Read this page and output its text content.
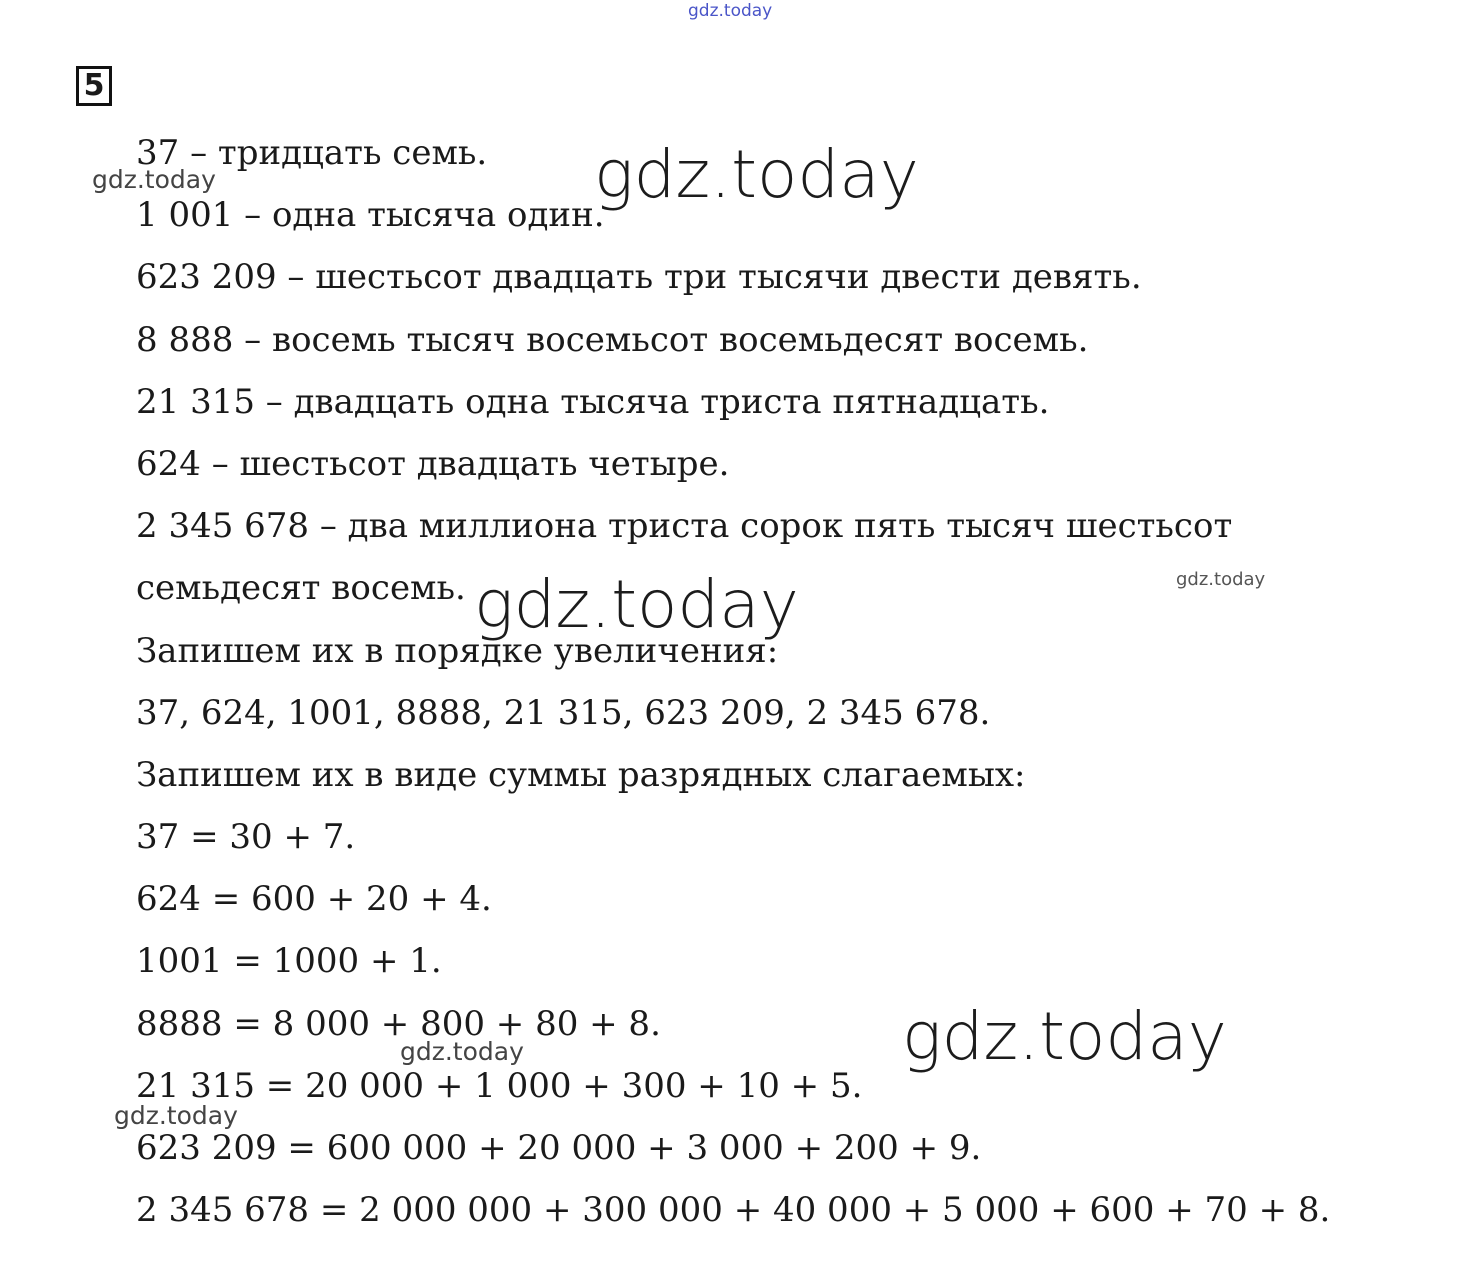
gdz.today
5
37 – тридцать семь.
1 001 – одна тысяча один.
623 209 – шестьсот двадцать три тысячи двести девять.
8 888 – восемь тысяч восемьсот восемьдесят восемь.
21 315 – двадцать одна тысяча триста пятнадцать.
624 – шестьсот двадцать четыре.
2 345 678 – два миллиона триста сорок пять тысяч шестьсот
семьдесят восемь.
Запишем их в порядке увеличения:
37, 624, 1001, 8888, 21 315, 623 209, 2 345 678.
Запишем их в виде суммы разрядных слагаемых:
37 = 30 + 7.
624 = 600 + 20 + 4.
1001 = 1000 + 1.
8888 = 8 000 + 800 + 80 + 8.
21 315 = 20 000 + 1 000 + 300 + 10 + 5.
623 209 = 600 000 + 20 000 + 3 000 + 200 + 9.
2 345 678 = 2 000 000 + 300 000 + 40 000 + 5 000 + 600 + 70 + 8.
gdz.today
gdz.today
gdz.today
gdz.today
gdz.today
gdz.today
gdz.today
